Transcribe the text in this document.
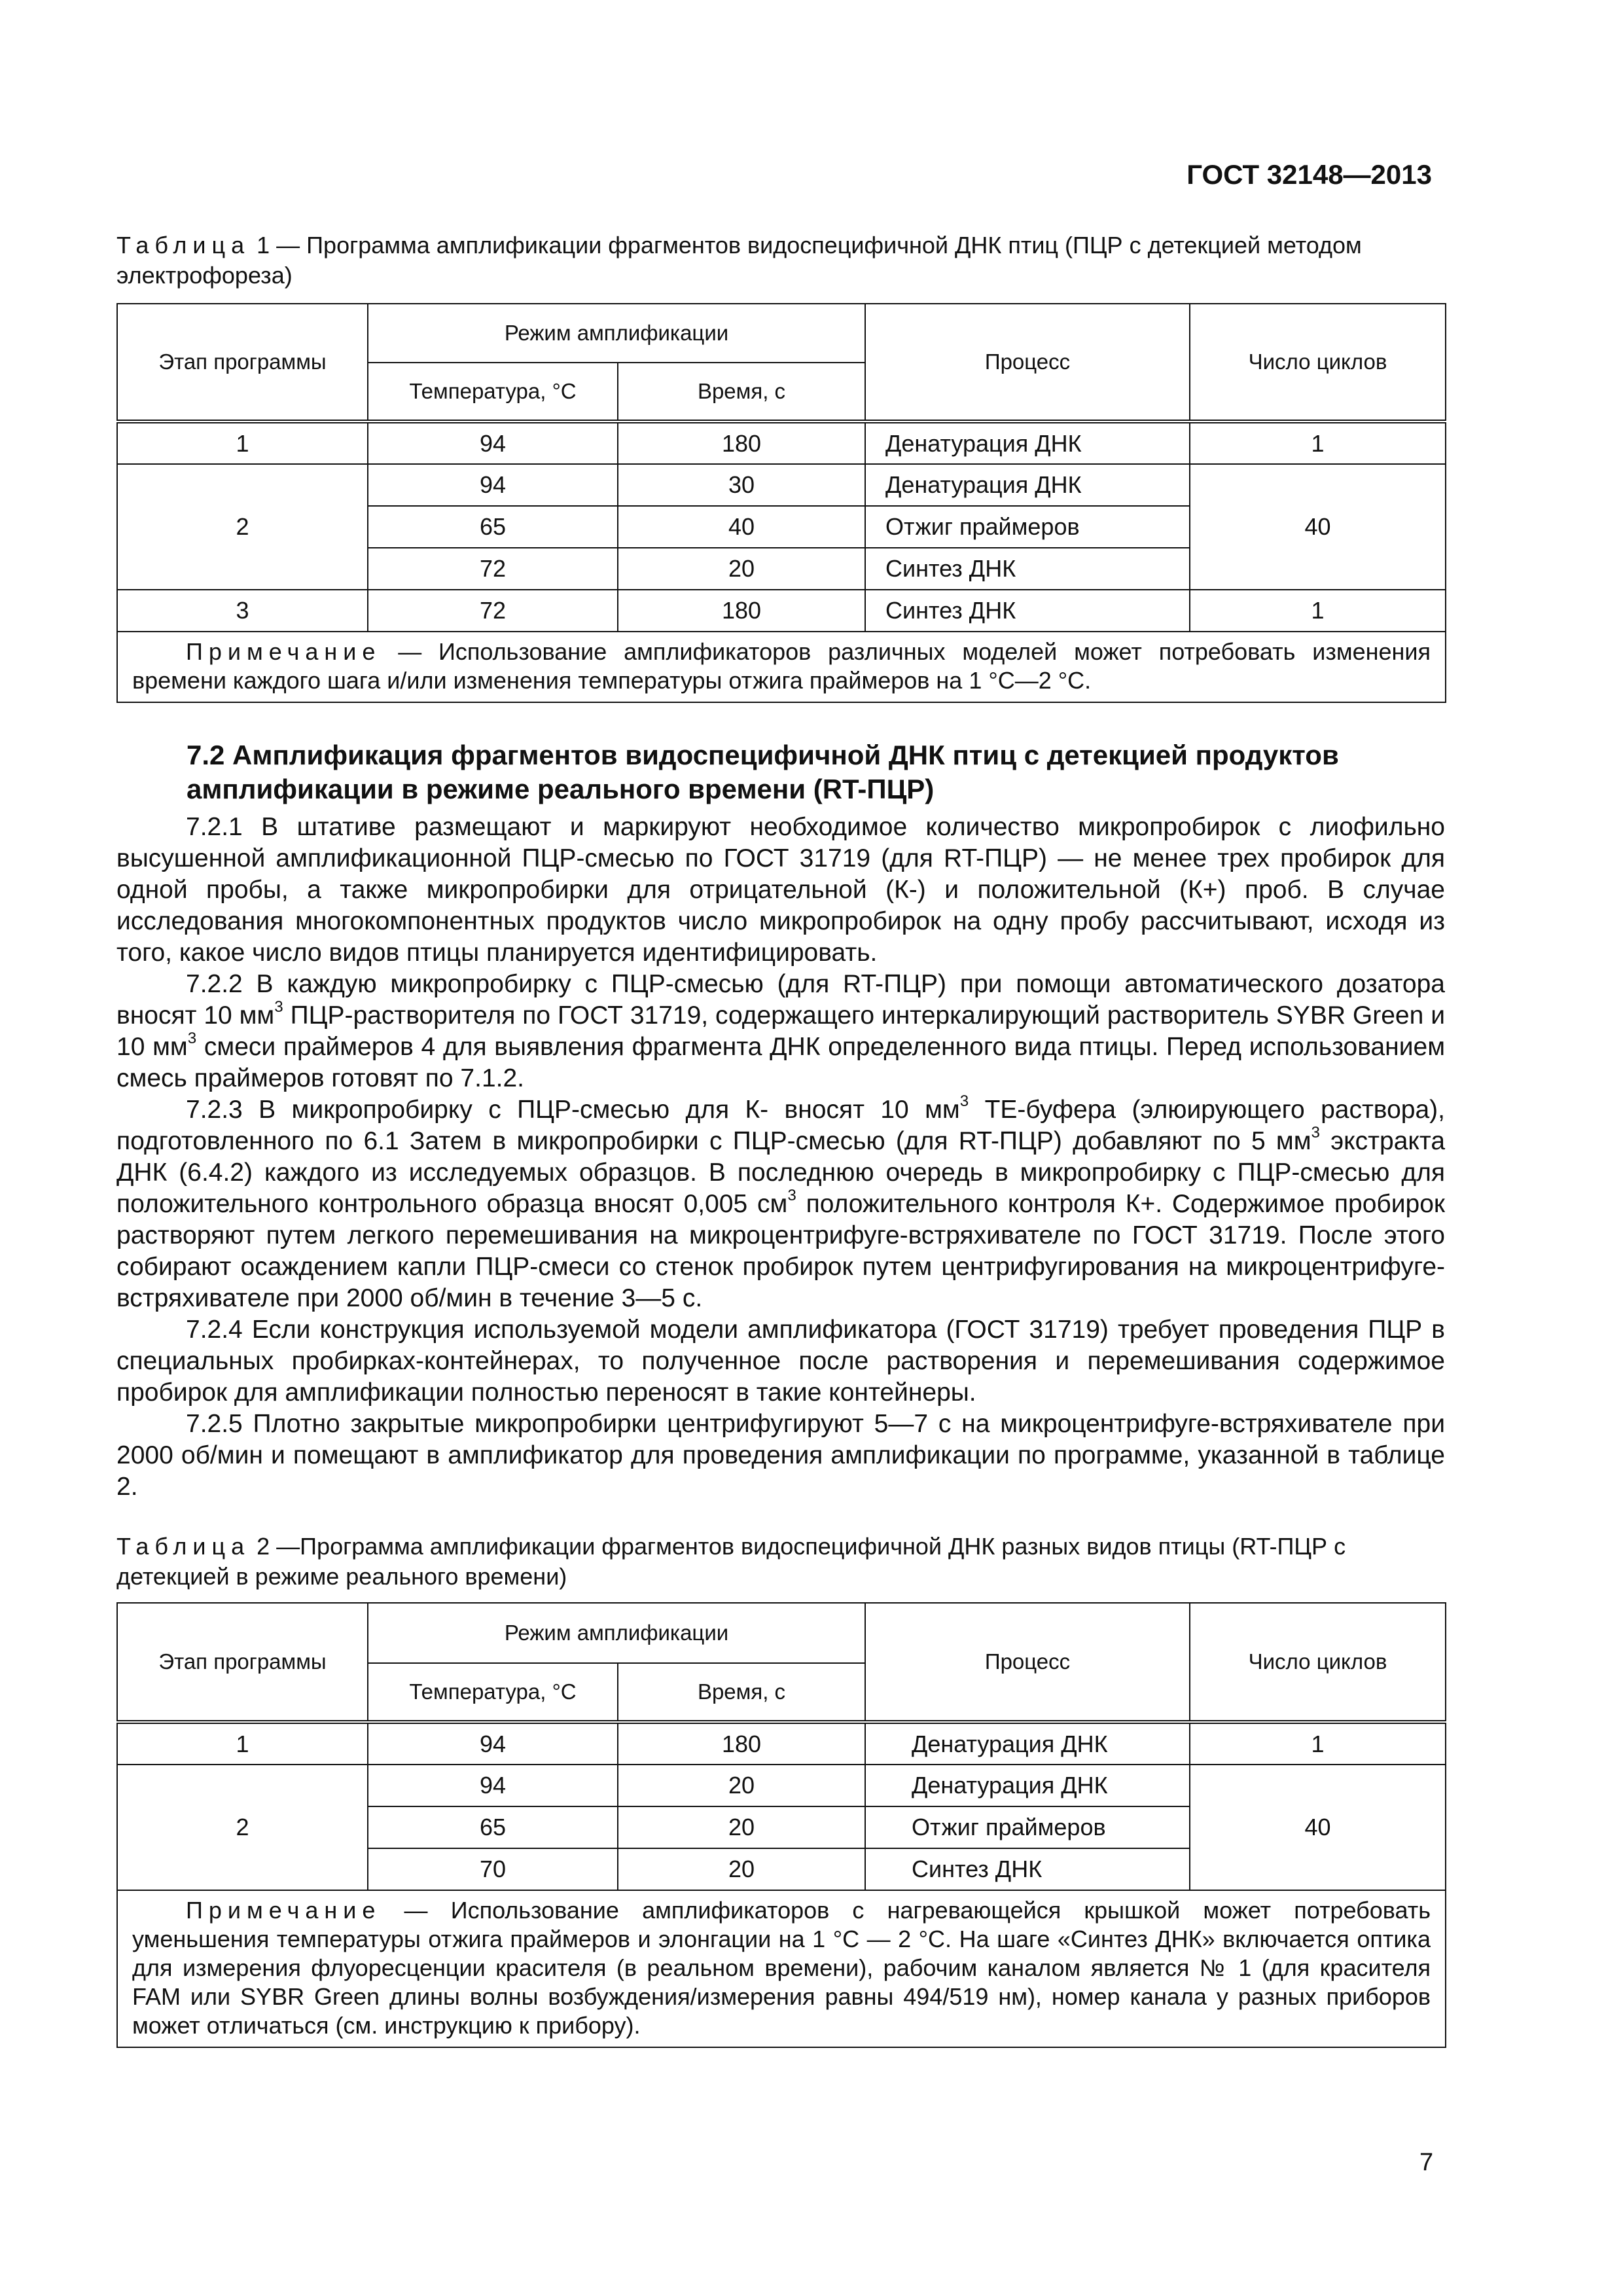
ГОСТ 32148—2013
Таблица 1 — Программа амплификации фрагментов видоспецифичной ДНК птиц (ПЦР с детекцией методом электрофореза)
Этап программы	Режим амплификации		Процесс	Число циклов
	Температура, °С	Время, с		
1	94	180	Денатурация ДНК	1
2	94	30	Денатурация ДНК	40
	65	40	Отжиг праймеров	
	72	20	Синтез ДНК	
3	72	180	Синтез ДНК	1
Примечание — Использование амплификаторов различных моделей может потребовать изменения времени каждого шага и/или изменения температуры отжига праймеров на 1 °С—2 °С.				
7.2 Амплификация фрагментов видоспецифичной ДНК птиц с детекцией продуктов амплификации в режиме реального времени (RT-ПЦР)

7.2.1 В штативе размещают и маркируют необходимое количество микропробирок с лиофильно высушенной амплификационной ПЦР-смесью по ГОСТ 31719 (для RT-ПЦР) — не менее трех пробирок для одной пробы, а также микропробирки для отрицательной (К-) и положительной (К+) проб. В случае исследования многокомпонентных продуктов число микропробирок на одну пробу рассчитывают, исходя из того, какое число видов птицы планируется идентифицировать.

7.2.2 В каждую микропробирку с ПЦР-смесью (для RT-ПЦР) при помощи автоматического дозатора вносят 10 $мм^3$ ПЦР-растворителя по ГОСТ 31719, содержащего интеркалирующий растворитель SYBR Green и 10 $мм^3$ смеси праймеров 4 для выявления фрагмента ДНК определенного вида птицы. Перед использованием смесь праймеров готовят по 7.1.2.

7.2.3 В микропробирку с ПЦР-смесью для К- вносят 10 $мм^3$ ТЕ-буфера (элюирующего раствора), подготовленного по 6.1 Затем в микропробирки с ПЦР-смесью (для RT-ПЦР) добавляют по 5 $мм^3$ экстракта ДНК (6.4.2) каждого из исследуемых образцов. В последнюю очередь в микропробирку с ПЦР-смесью для положительного контрольного образца вносят 0,005 $см^3$ положительного контроля К+. Содержимое пробирок растворяют путем легкого перемешивания на микроцентрифуге-встряхивателе по ГОСТ 31719. После этого собирают осаждением капли ПЦР-смеси со стенок пробирок путем центрифугирования на микроцентрифуге-встряхивателе при 2000 об/мин в течение 3—5 с.

7.2.4 Если конструкция используемой модели амплификатора (ГОСТ 31719) требует проведения ПЦР в специальных пробирках-контейнерах, то полученное после растворения и перемешивания содержимое пробирок для амплификации полностью переносят в такие контейнеры.

7.2.5 Плотно закрытые микропробирки центрифугируют 5—7 с на микроцентрифуге-встряхивателе при 2000 об/мин и помещают в амплификатор для проведения амплификации по программе, указанной в таблице 2.

Таблица 2 —Программа амплификации фрагментов видоспецифичной ДНК разных видов птицы (RT-ПЦР с детекцией в режиме реального времени)
Этап программы	Режим амплификации		Процесс	Число циклов
	Температура, °С	Время, с		
1	94	180	Денатурация ДНК	1
2	94	20	Денатурация ДНК	40
	65	20	Отжиг праймеров	
	70	20	Синтез ДНК	
Примечание — Использование амплификаторов с нагревающейся крышкой может потребовать уменьшения температуры отжига праймеров и элонгации на 1 °С — 2 °С. На шаге «Синтез ДНК» включается оптика для измерения флуоресценции красителя (в реальном времени), рабочим каналом является № 1 (для красителя FAM или SYBR Green длины волны возбуждения/измерения равны 494/519 нм), номер канала у разных приборов может отличаться (см. инструкцию к прибору).				
7
